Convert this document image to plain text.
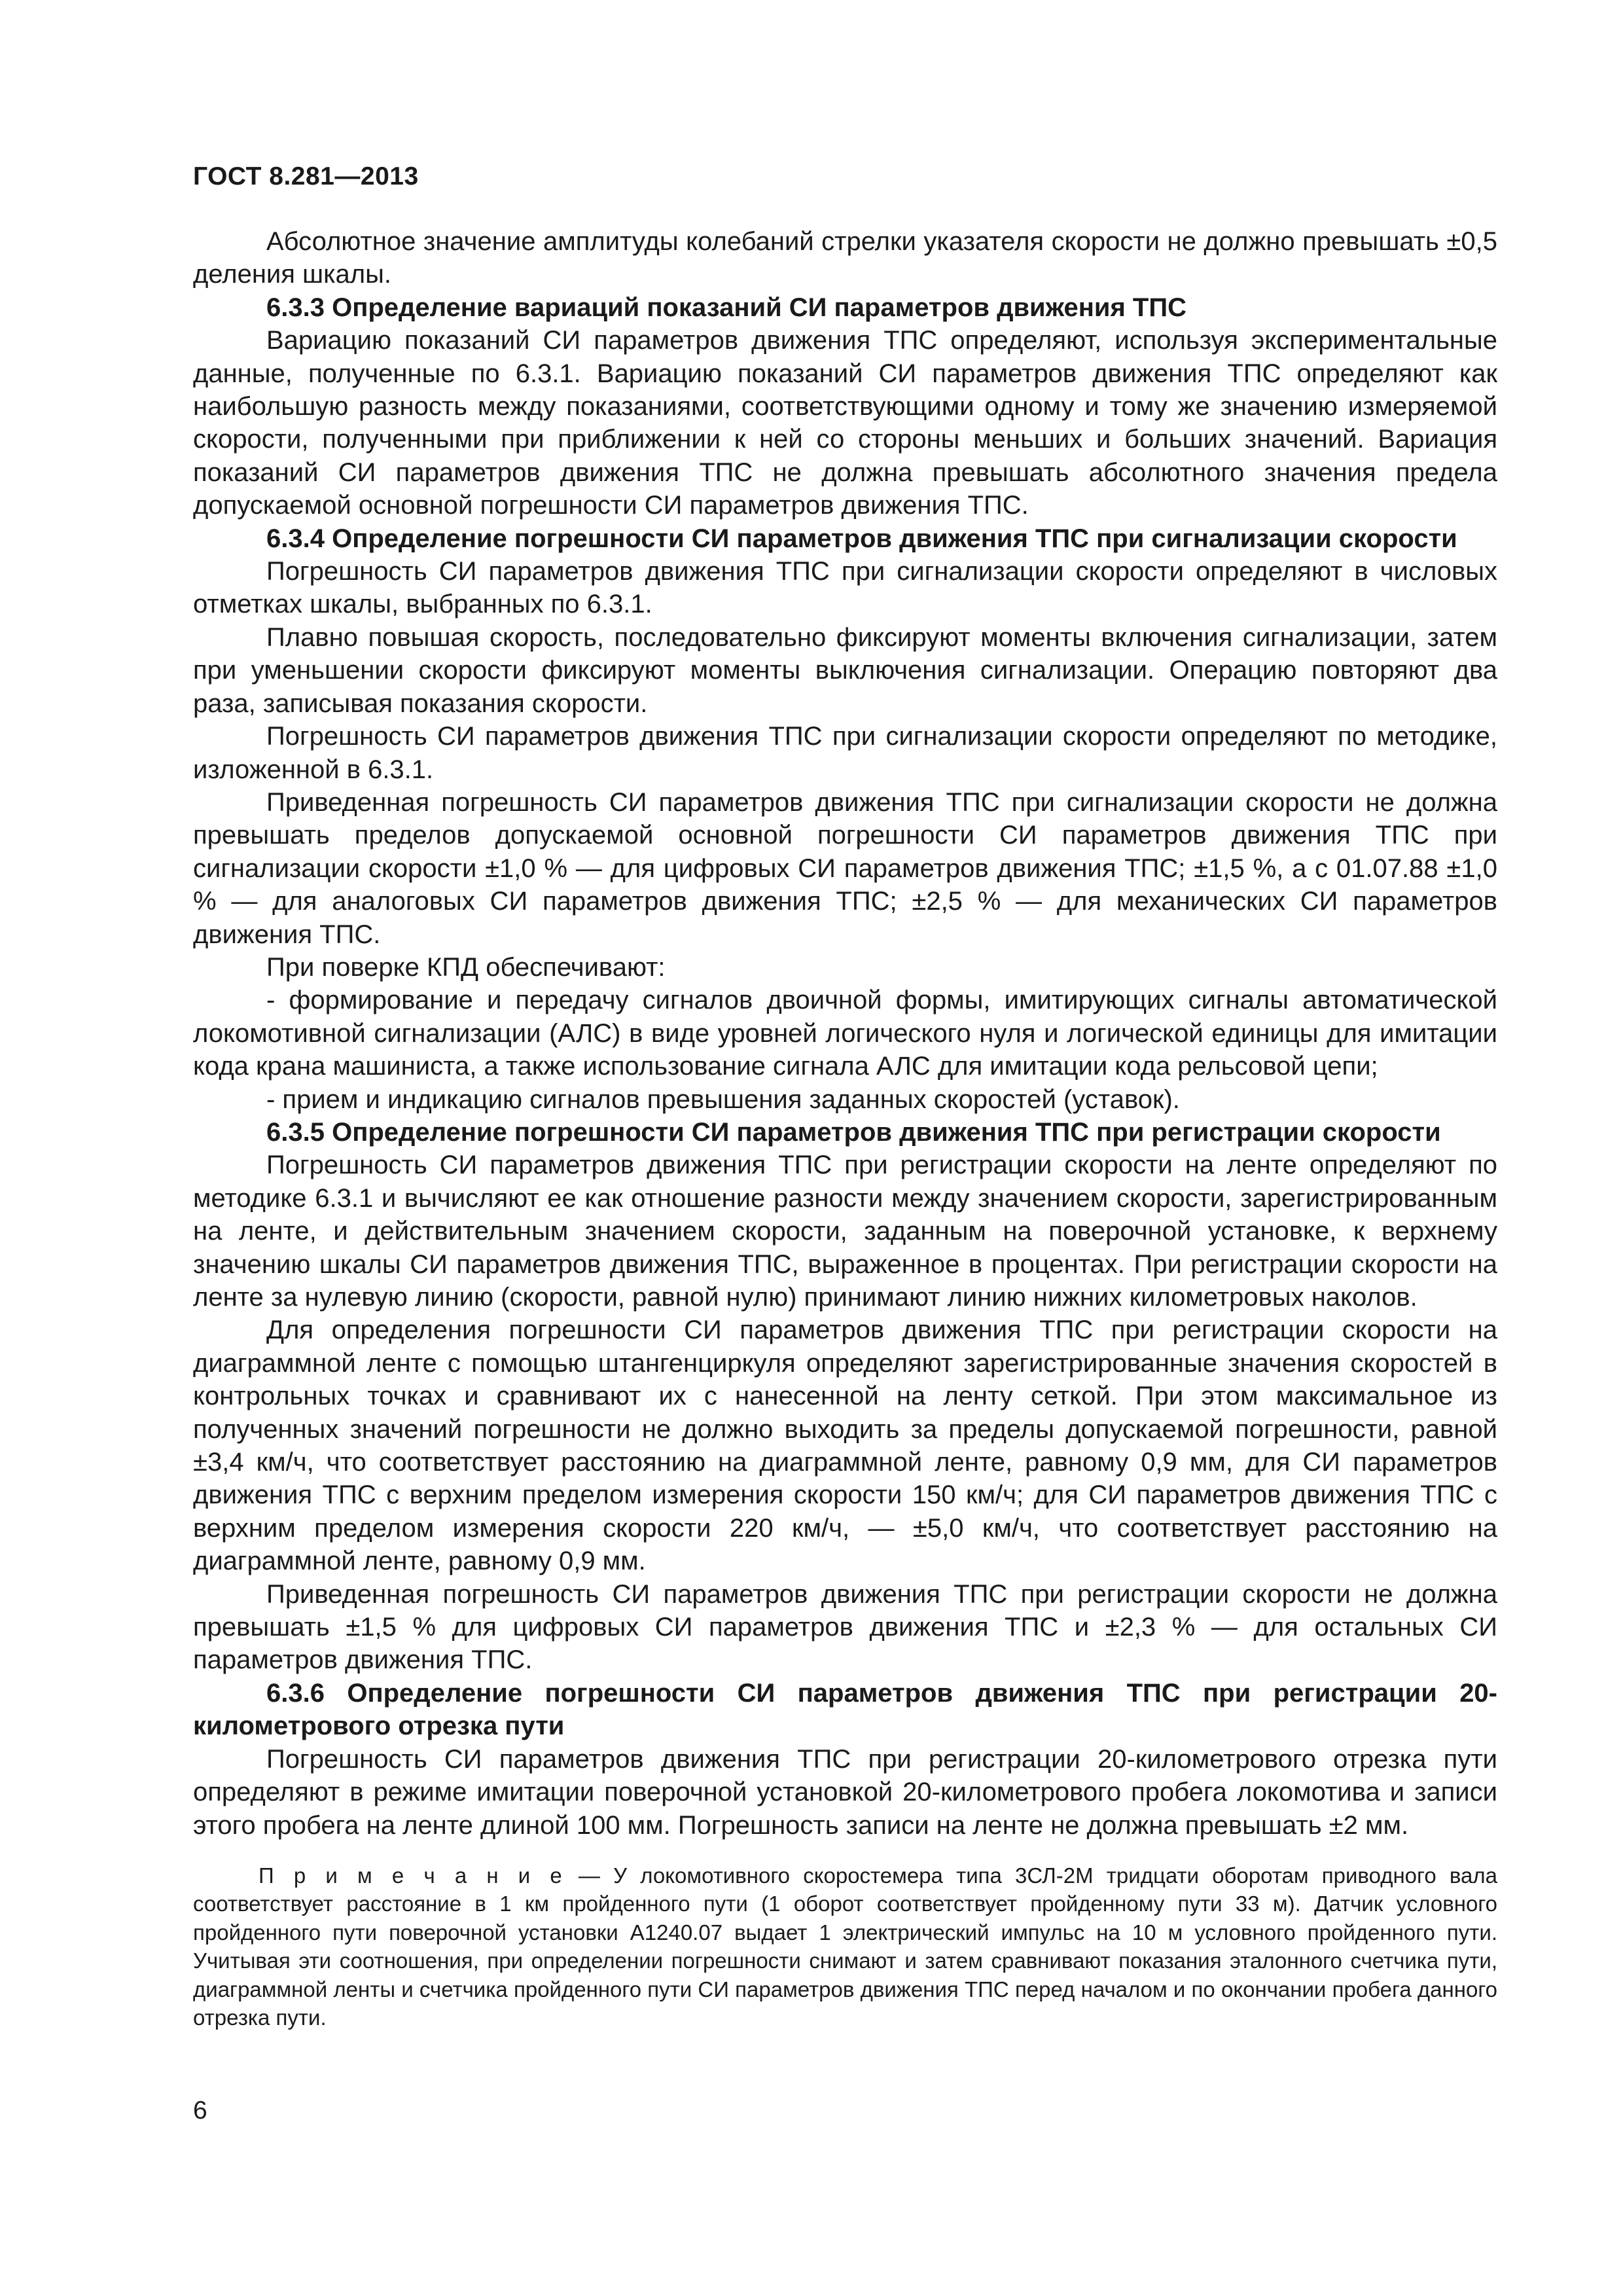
ГОСТ 8.281—2013

Абсолютное значение амплитуды колебаний стрелки указателя скорости не должно превышать ±0,5 деления шкалы.

6.3.3 Определение вариаций показаний СИ параметров движения ТПС

Вариацию показаний СИ параметров движения ТПС определяют, используя экспериментальные данные, полученные по 6.3.1. Вариацию показаний СИ параметров движения ТПС определяют как наибольшую разность между показаниями, соответствующими одному и тому же значению измеряемой скорости, полученными при приближении к ней со стороны меньших и больших значений. Вариация показаний СИ параметров движения ТПС не должна превышать абсолютного значения предела допускаемой основной погрешности СИ параметров движения ТПС.

6.3.4 Определение погрешности СИ параметров движения ТПС при сигнализации скорости

Погрешность СИ параметров движения ТПС при сигнализации скорости определяют в числовых отметках шкалы, выбранных по 6.3.1.

Плавно повышая скорость, последовательно фиксируют моменты включения сигнализации, затем при уменьшении скорости фиксируют моменты выключения сигнализации. Операцию повторяют два раза, записывая показания скорости.

Погрешность СИ параметров движения ТПС при сигнализации скорости определяют по методике, изложенной в 6.3.1.

Приведенная погрешность СИ параметров движения ТПС при сигнализации скорости не должна превышать пределов допускаемой основной погрешности СИ параметров движения ТПС при сигнализации скорости ±1,0 % — для цифровых СИ параметров движения ТПС; ±1,5 %, а с 01.07.88 ±1,0 % — для аналоговых СИ параметров движения ТПС; ±2,5 % — для механических СИ параметров движения ТПС.

При поверке КПД обеспечивают:

- формирование и передачу сигналов двоичной формы, имитирующих сигналы автоматической локомотивной сигнализации (АЛС) в виде уровней логического нуля и логической единицы для имитации кода крана машиниста, а также использование сигнала АЛС для имитации кода рельсовой цепи;

- прием и индикацию сигналов превышения заданных скоростей (уставок).

6.3.5 Определение погрешности СИ параметров движения ТПС при регистрации скорости

Погрешность СИ параметров движения ТПС при регистрации скорости на ленте определяют по методике 6.3.1 и вычисляют ее как отношение разности между значением скорости, зарегистрированным на ленте, и действительным значением скорости, заданным на поверочной установке, к верхнему значению шкалы СИ параметров движения ТПС, выраженное в процентах. При регистрации скорости на ленте за нулевую линию (скорости, равной нулю) принимают линию нижних километровых наколов.

Для определения погрешности СИ параметров движения ТПС при регистрации скорости на диаграммной ленте с помощью штангенциркуля определяют зарегистрированные значения скоростей в контрольных точках и сравнивают их с нанесенной на ленту сеткой. При этом максимальное из полученных значений погрешности не должно выходить за пределы допускаемой погрешности, равной ±3,4 км/ч, что соответствует расстоянию на диаграммной ленте, равному 0,9 мм, для СИ параметров движения ТПС с верхним пределом измерения скорости 150 км/ч; для СИ параметров движения ТПС с верхним пределом измерения скорости 220 км/ч, — ±5,0 км/ч, что соответствует расстоянию на диаграммной ленте, равному 0,9 мм.

Приведенная погрешность СИ параметров движения ТПС при регистрации скорости не должна превышать ±1,5 % для цифровых СИ параметров движения ТПС и ±2,3 % — для остальных СИ параметров движения ТПС.

6.3.6 Определение погрешности СИ параметров движения ТПС при регистрации 20-километрового отрезка пути

Погрешность СИ параметров движения ТПС при регистрации 20-километрового отрезка пути определяют в режиме имитации поверочной установкой 20-километрового пробега локомотива и записи этого пробега на ленте длиной 100 мм. Погрешность записи на ленте не должна превышать ±2 мм.

П р и м е ч а н и е — У локомотивного скоростемера типа 3СЛ-2М тридцати оборотам приводного вала соответствует расстояние в 1 км пройденного пути (1 оборот соответствует пройденному пути 33 м). Датчик условного пройденного пути поверочной установки А1240.07 выдает 1 электрический импульс на 10 м условного пройденного пути. Учитывая эти соотношения, при определении погрешности снимают и затем сравнивают показания эталонного счетчика пути, диаграммной ленты и счетчика пройденного пути СИ параметров движения ТПС перед началом и по окончании пробега данного отрезка пути.

6
